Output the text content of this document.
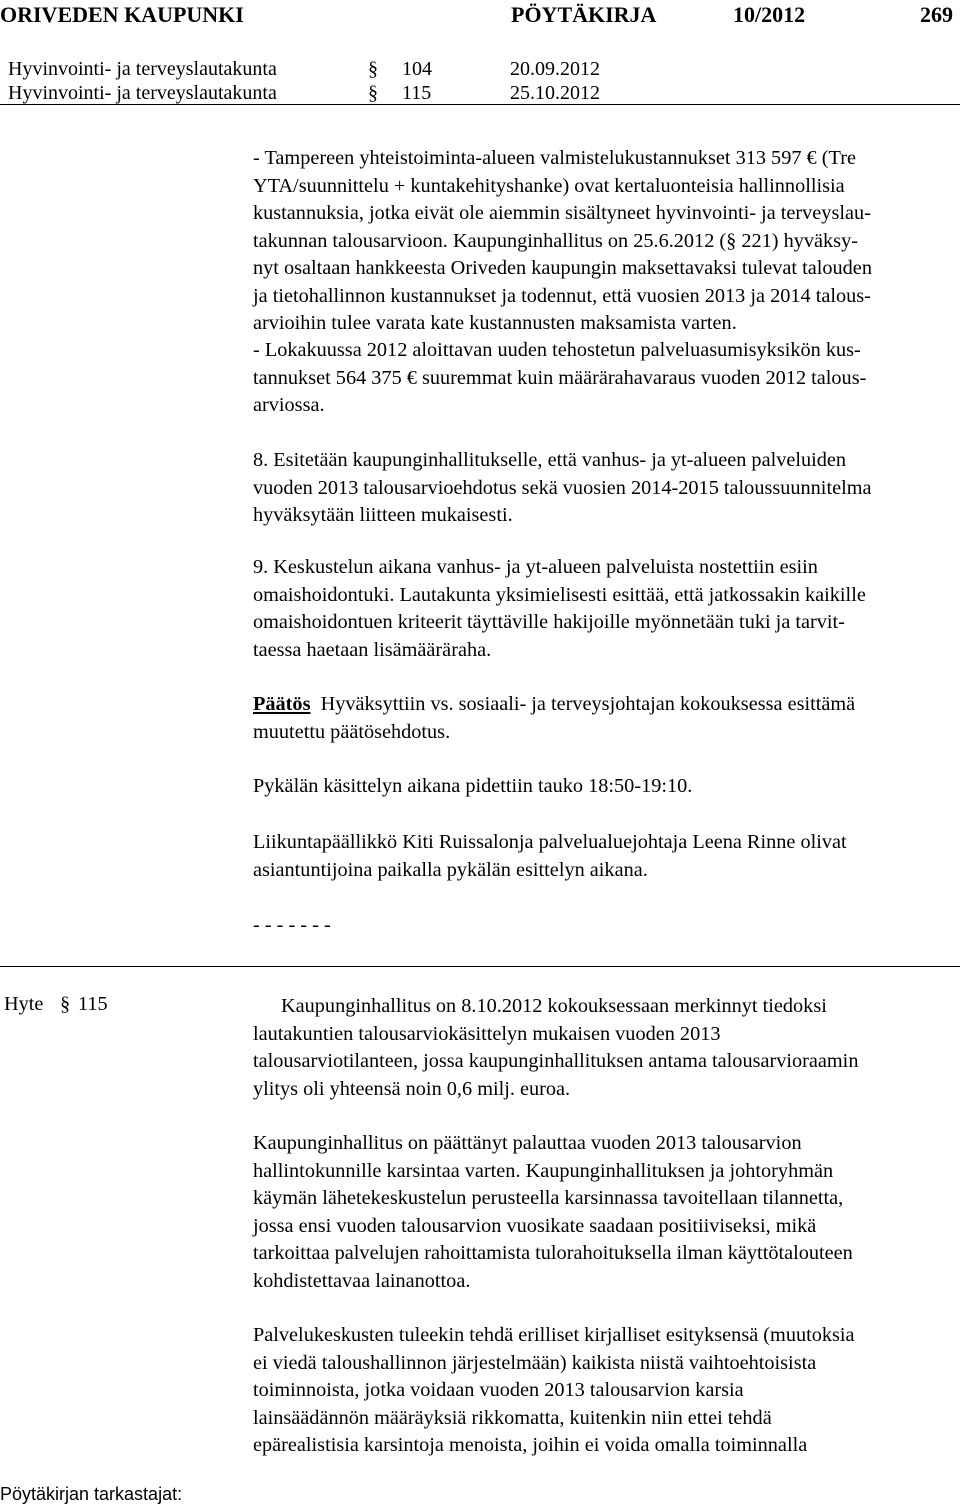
ORIVEDEN KAUPUNKI	PÖYTÄKIRJA	10/2012	269
Hyvinvointi- ja terveyslautakunta	§ 104	20.09.2012
Hyvinvointi- ja terveyslautakunta	§ 115	25.10.2012
- Tampereen yhteistoiminta-alueen valmistelukustannukset 313 597 € (Tre
YTA/suunnittelu + kuntakehityshanke) ovat kertaluonteisia hallinnollisia
kustannuksia, jotka eivät ole aiemmin sisältyneet hyvinvointi- ja terveyslau-
takunnan talousarvioon. Kaupunginhallitus on 25.6.2012 (§ 221) hyväksy-
nyt osaltaan hankkeesta Oriveden kaupungin maksettavaksi tulevat talouden
ja tietohallinnon kustannukset ja todennut, että vuosien 2013 ja 2014 talous-
arvioihin tulee varata kate kustannusten maksamista varten.
- Lokakuussa 2012 aloittavan uuden tehostetun palveluasumisyksikön kus-
tannukset 564 375 € suuremmat kuin määrärahavaraus vuoden 2012 talous-
arviossa.
8. Esitetään kaupunginhallitukselle, että vanhus- ja yt-alueen palveluiden
vuoden 2013 talousarvioehdotus sekä vuosien 2014-2015 taloussuunnitelma
hyväksytään liitteen mukaisesti.
9. Keskustelun aikana vanhus- ja yt-alueen palveluista nostettiin esiin
omaishoidontuki. Lautakunta yksimielisesti esittää, että jatkossakin kaikille
omaishoidontuen kriteerit täyttäville hakijoille myönnetään tuki ja tarvit-
taessa haetaan lisämääräraha.
Päätös Hyväksyttiin vs. sosiaali- ja terveysjohtajan kokouksessa esittämä
muutettu päätösehdotus.
Pykälän käsittelyn aikana pidettiin tauko 18:50-19:10.
Liikuntapäällikkö Kiti Ruissalonja palvelualuejohtaja Leena Rinne olivat
asiantuntijoina paikalla pykälän esittelyn aikana.
- - - - - - -
Hyte § 115	Kaupunginhallitus on 8.10.2012 kokouksessaan merkinnyt tiedoksi
lautakuntien talousarviokäsittelyn mukaisen vuoden 2013
talousarviotilanteen, jossa kaupunginhallituksen antama talousarvioraamin
ylitys oli yhteensä noin 0,6 milj. euroa.
Kaupunginhallitus on päättänyt palauttaa vuoden 2013 talousarvion
hallintokunnille karsintaa varten. Kaupunginhallituksen ja johtoryhmän
käymän lähetekeskustelun perusteella karsinnassa tavoitellaan tilannetta,
jossa ensi vuoden talousarvion vuosikate saadaan positiiviseksi, mikä
tarkoittaa palvelujen rahoittamista tulorahoituksella ilman käyttötalouteen
kohdistettavaa lainanottoa.
Palvelukeskusten tuleekin tehdä erilliset kirjalliset esityksensä (muutoksia
ei viedä taloushallinnon järjestelmään) kaikista niistä vaihtoehtoisista
toiminnoista, jotka voidaan vuoden 2013 talousarvion karsia
lainsäädännön määräyksiä rikkomatta, kuitenkin niin ettei tehdä
epärealistisia karsintoja menoista, joihin ei voida omalla toiminnalla
Pöytäkirjan tarkastajat:
